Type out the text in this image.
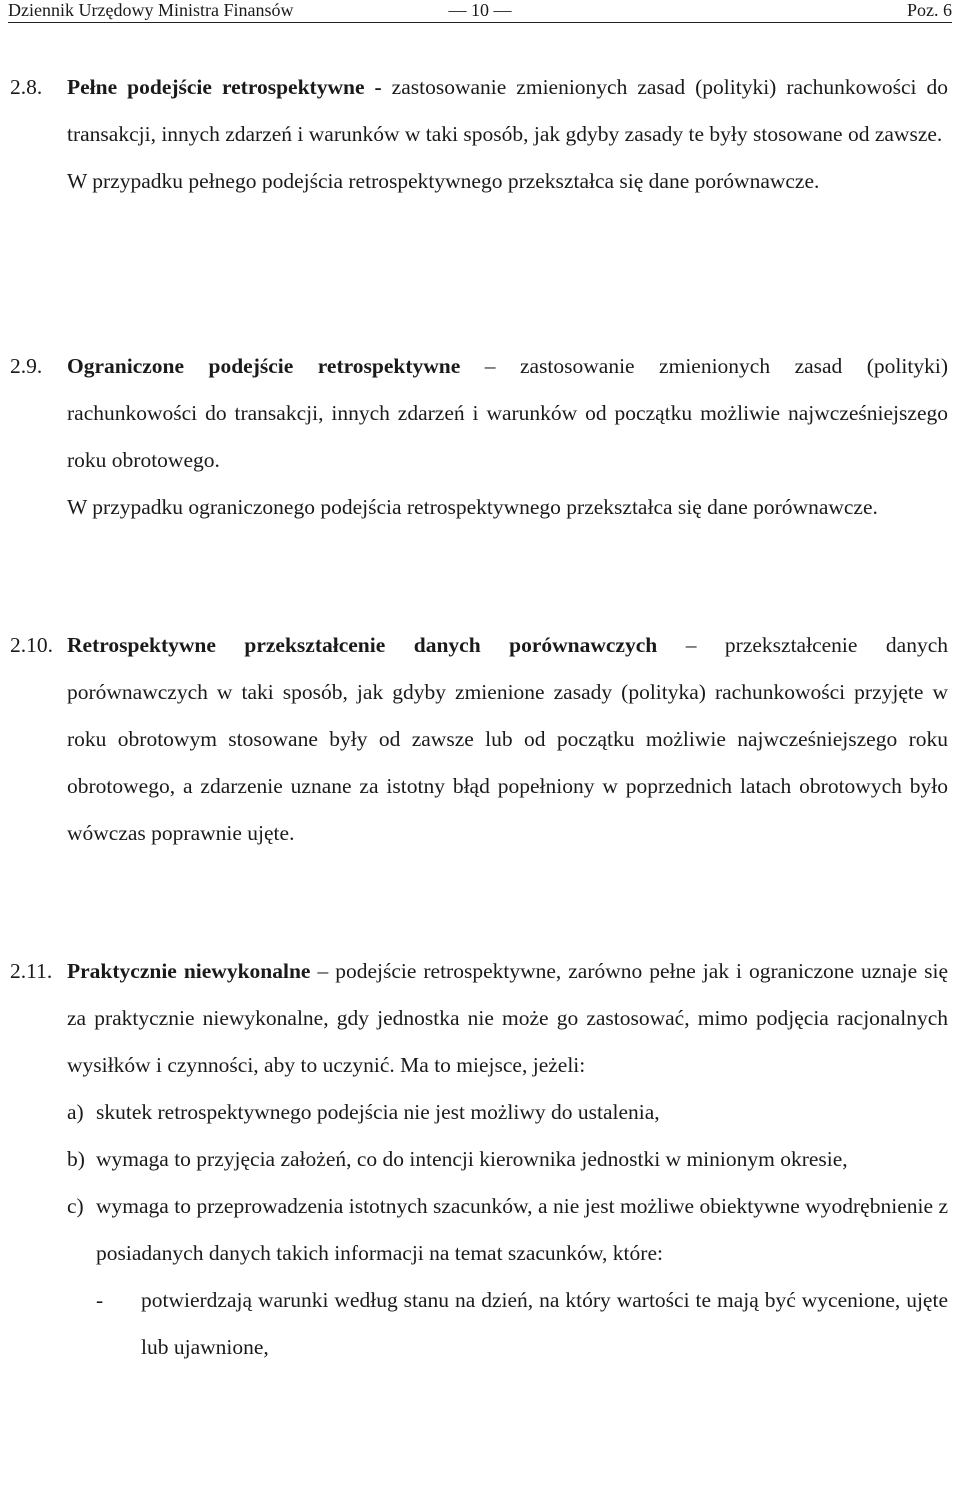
Dziennik Urzędowy Ministra Finansów	— 10 —	Poz. 6
2.8. Pełne podejście retrospektywne - zastosowanie zmienionych zasad (polityki) rachunkowości do transakcji, innych zdarzeń i warunków w taki sposób, jak gdyby zasady te były stosowane od zawsze.

W przypadku pełnego podejścia retrospektywnego przekształca się dane porównawcze.

2.9. Ograniczone podejście retrospektywne – zastosowanie zmienionych zasad (polityki) rachunkowości do transakcji, innych zdarzeń i warunków od początku możliwie najwcześniejszego roku obrotowego.

W przypadku ograniczonego podejścia retrospektywnego przekształca się dane porównawcze.

2.10. Retrospektywne przekształcenie danych porównawczych – przekształcenie danych porównawczych w taki sposób, jak gdyby zmienione zasady (polityka) rachunkowości przyjęte w roku obrotowym stosowane były od zawsze lub od początku możliwie najwcześniejszego roku obrotowego, a zdarzenie uznane za istotny błąd popełniony w poprzednich latach obrotowych było wówczas poprawnie ujęte.

2.11. Praktycznie niewykonalne – podejście retrospektywne, zarówno pełne jak i ograniczone uznaje się za praktycznie niewykonalne, gdy jednostka nie może go zastosować, mimo podjęcia racjonalnych wysiłków i czynności, aby to uczynić. Ma to miejsce, jeżeli:

a) skutek retrospektywnego podejścia nie jest możliwy do ustalenia,
b) wymaga to przyjęcia założeń, co do intencji kierownika jednostki w minionym okresie,
c) wymaga to przeprowadzenia istotnych szacunków, a nie jest możliwe obiektywne wyodrębnienie z posiadanych danych takich informacji na temat szacunków, które:
- potwierdzają warunki według stanu na dzień, na który wartości te mają być wycenione, ujęte lub ujawnione,
